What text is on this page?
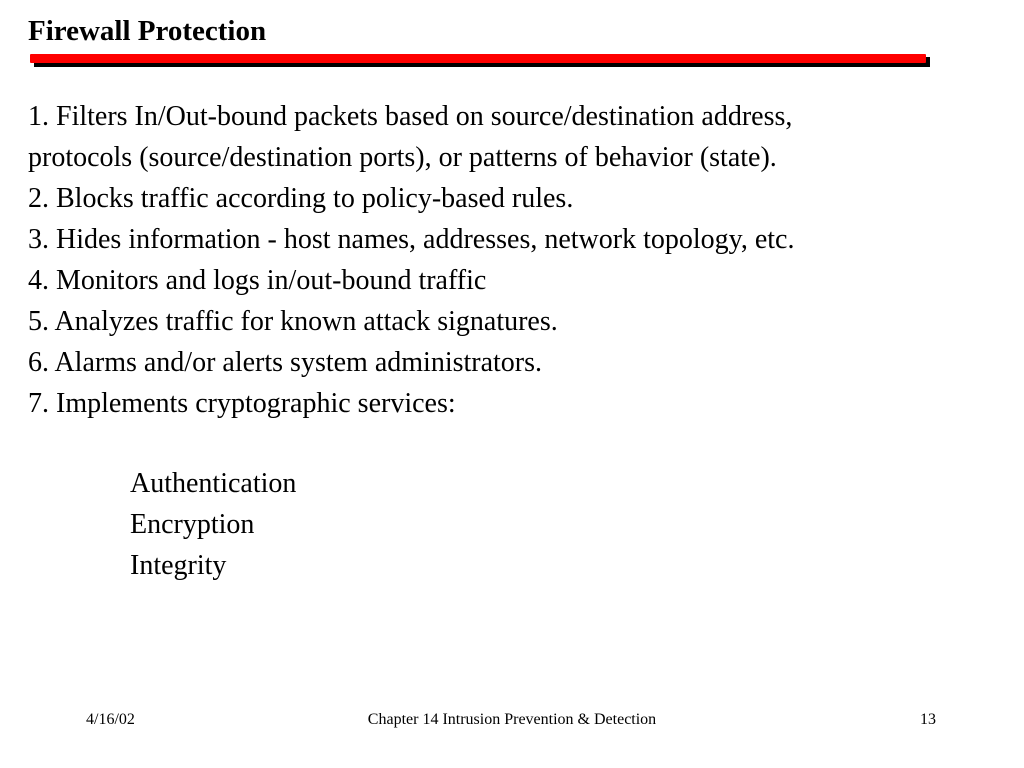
Firewall Protection

1. Filters In/Out-bound packets based on source/destination address,

protocols (source/destination ports), or patterns of behavior (state).

2. Blocks traffic according to policy-based rules.

3. Hides information - host names, addresses, network topology, etc.

4. Monitors and logs in/out-bound traffic

5. Analyzes traffic for known attack signatures.

6. Alarms and/or alerts system administrators.

7. Implements cryptographic services:

Authentication

Encryption

Integrity

4/16/02	Chapter 14 Intrusion Prevention & Detection	13
